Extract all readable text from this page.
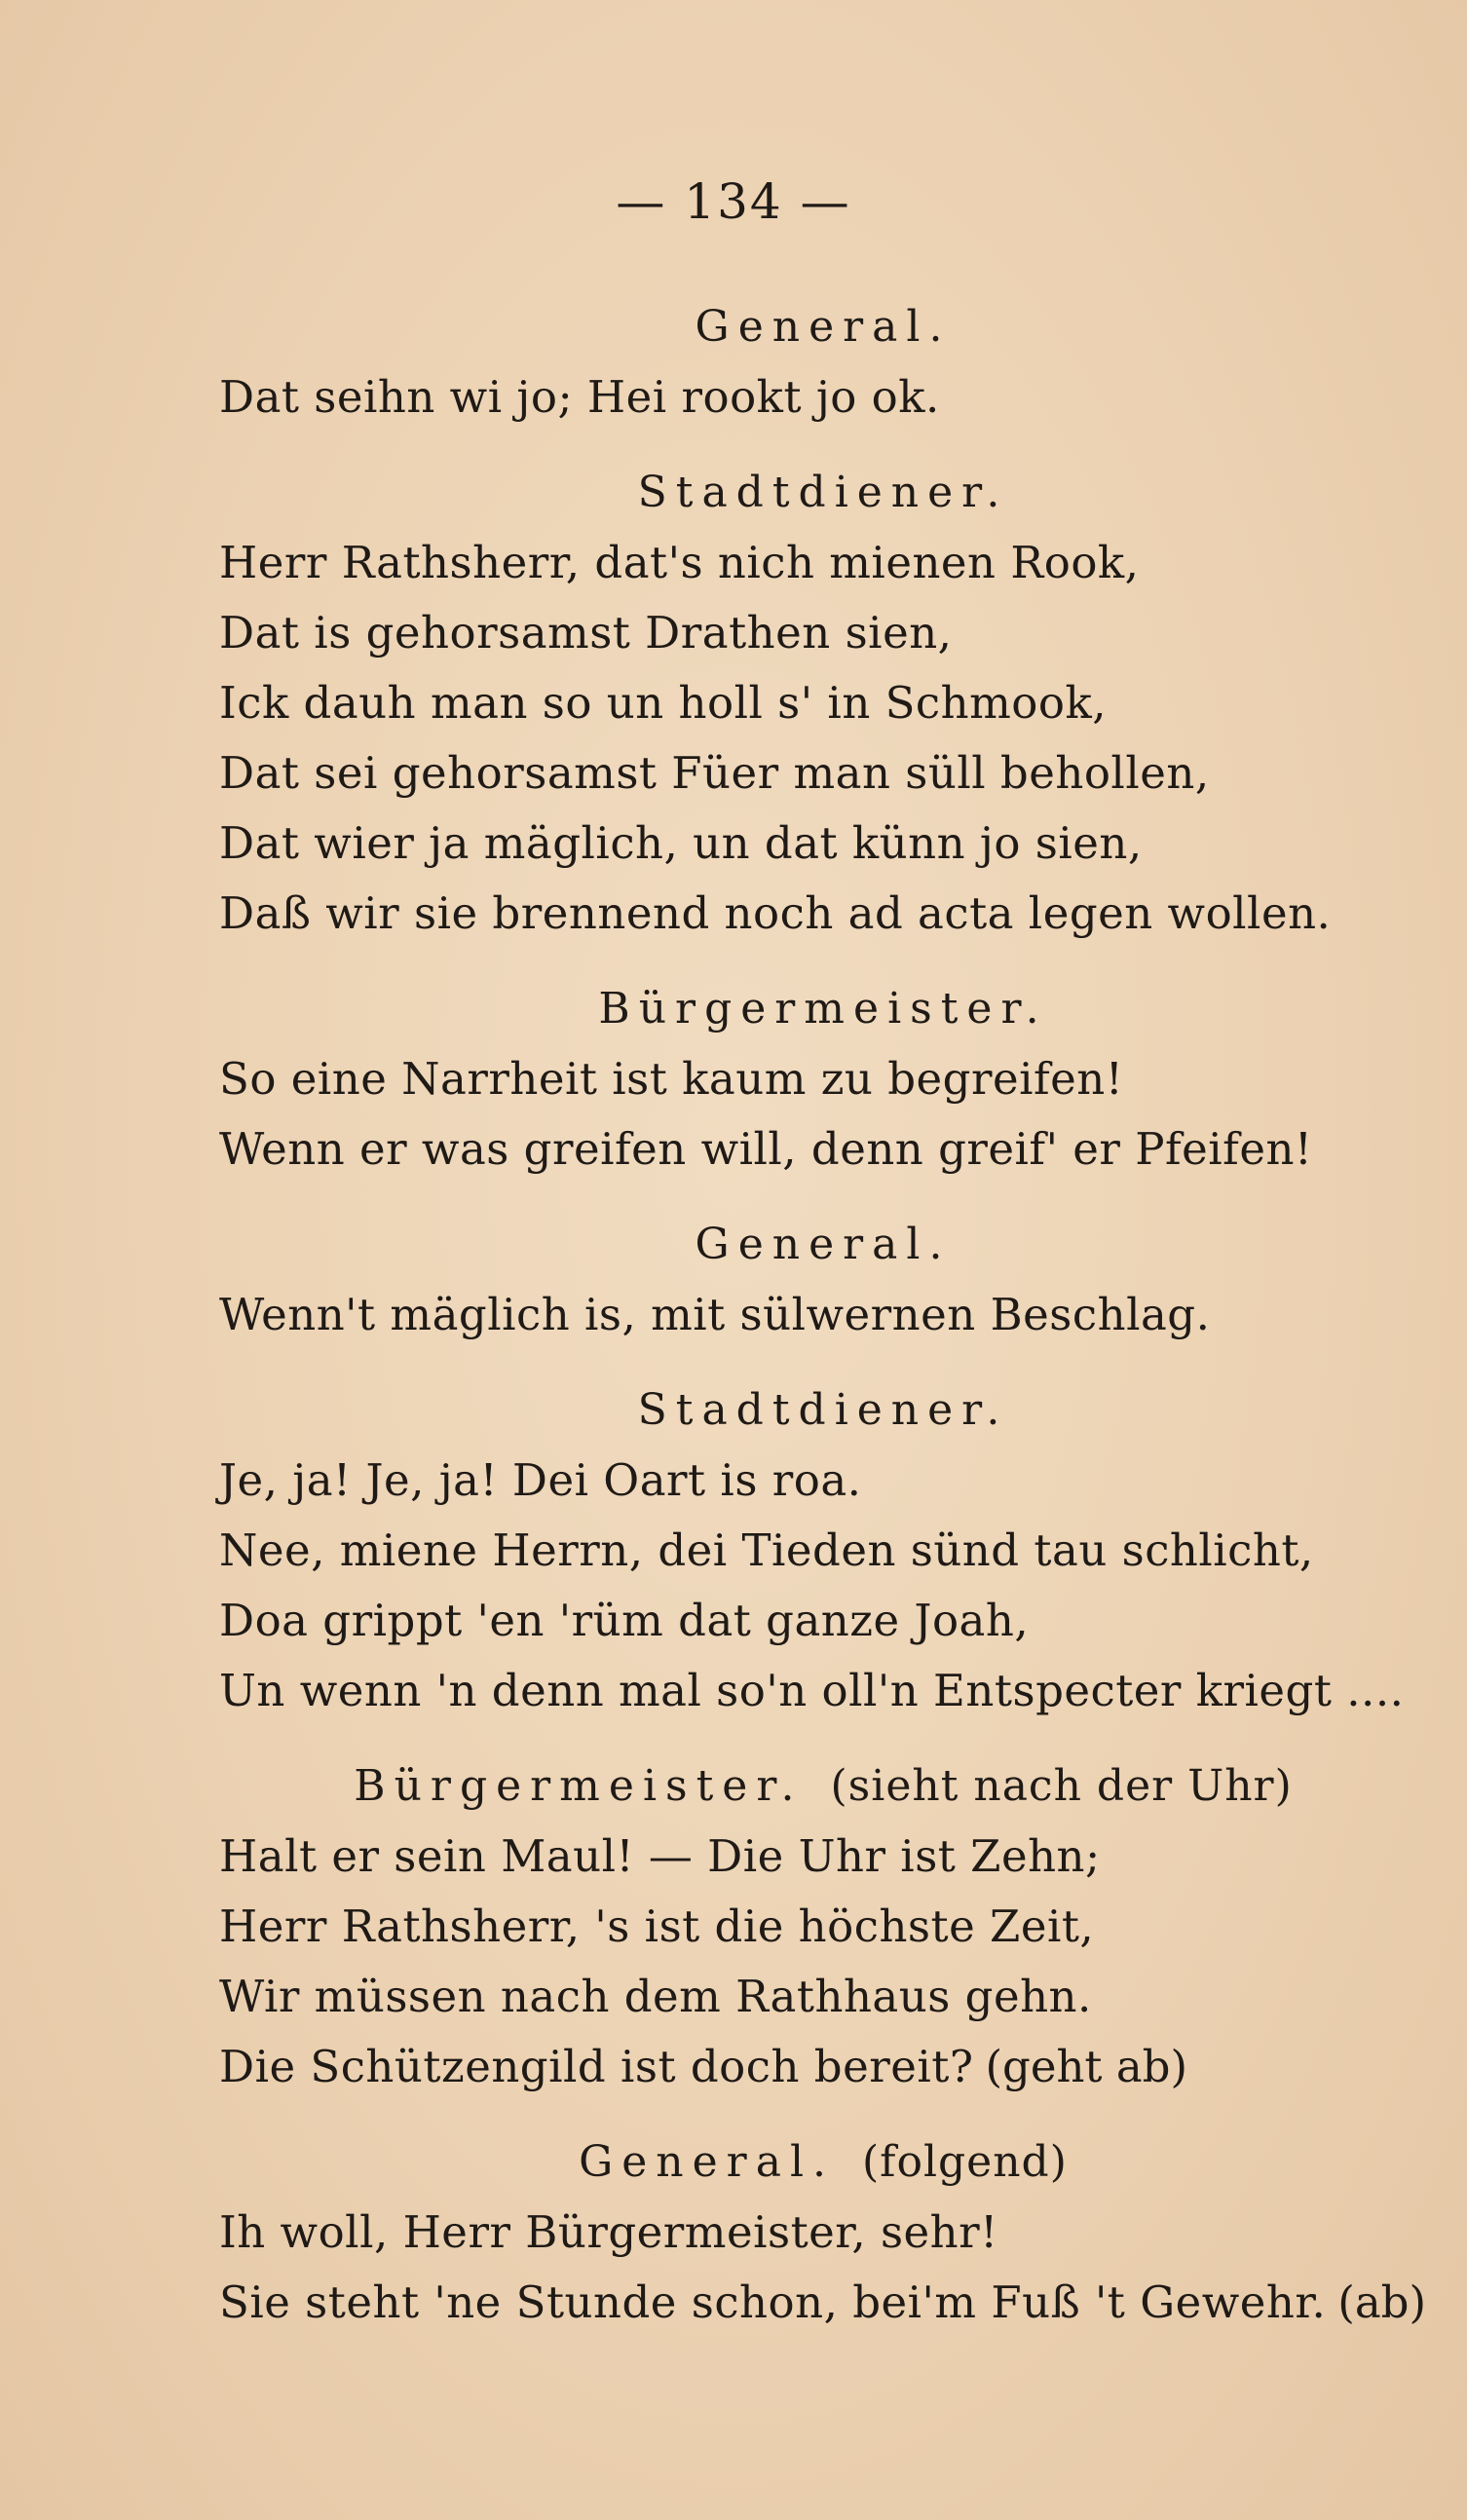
— 134 —
General.
Dat seihn wi jo; Hei rookt jo ok.
Stadtdiener.
Herr Rathsherr, dat's nich mienen Rook,
Dat is gehorsamst Drathen sien,
Ick dauh man so un holl s' in Schmook,
Dat sei gehorsamst Füer man süll behollen,
Dat wier ja mäglich, un dat künn jo sien,
Daß wir sie brennend noch ad acta legen wollen.
Bürgermeister.
So eine Narrheit ist kaum zu begreifen!
Wenn er was greifen will, denn greif' er Pfeifen!
General.
Wenn't mäglich is, mit sülwernen Beschlag.
Stadtdiener.
Je, ja! Je, ja! Dei Oart is roa.
Nee, miene Herrn, dei Tieden sünd tau schlicht,
Doa grippt 'en 'rüm dat ganze Joah,
Un wenn 'n denn mal so'n oll'n Entspecter kriegt ....
Bürgermeister. (sieht nach der Uhr)
Halt er sein Maul! — Die Uhr ist Zehn;
Herr Rathsherr, 's ist die höchste Zeit,
Wir müssen nach dem Rathhaus gehn.
Die Schützengild ist doch bereit? (geht ab)
General. (folgend)
Ih woll, Herr Bürgermeister, sehr!
Sie steht 'ne Stunde schon, bei'm Fuß 't Gewehr. (ab)
